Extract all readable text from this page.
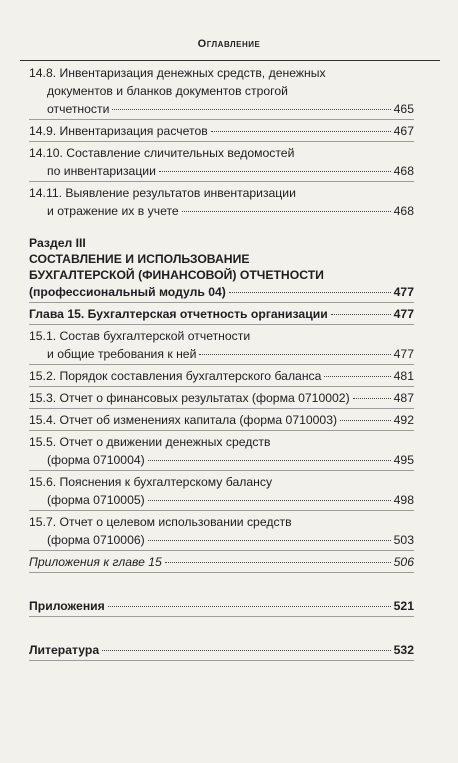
Оглавление
14.8. Инвентаризация денежных средств, денежных
документов и бланков документов строгой
отчетности	465
14.9. Инвентаризация расчетов	467
14.10. Составление сличительных ведомостей
по инвентаризации	468
14.11. Выявление результатов инвентаризации
и отражение их в учете	468
Раздел III
СОСТАВЛЕНИЕ И ИСПОЛЬЗОВАНИЕ
БУХГАЛТЕРСКОЙ (ФИНАНСОВОЙ) ОТЧЕТНОСТИ
(профессиональный модуль 04)	477
Глава 15. Бухгалтерская отчетность организации	477
15.1. Состав бухгалтерской отчетности
и общие требования к ней	477
15.2. Порядок составления бухгалтерского баланса	481
15.3. Отчет о финансовых результатах (форма 0710002)	487
15.4. Отчет об изменениях капитала (форма 0710003)	492
15.5. Отчет о движении денежных средств
(форма 0710004)	495
15.6. Пояснения к бухгалтерскому балансу
(форма 0710005)	498
15.7. Отчет о целевом использовании средств
(форма 0710006)	503
Приложения к главе 15	506
Приложения	521
Литература	532
